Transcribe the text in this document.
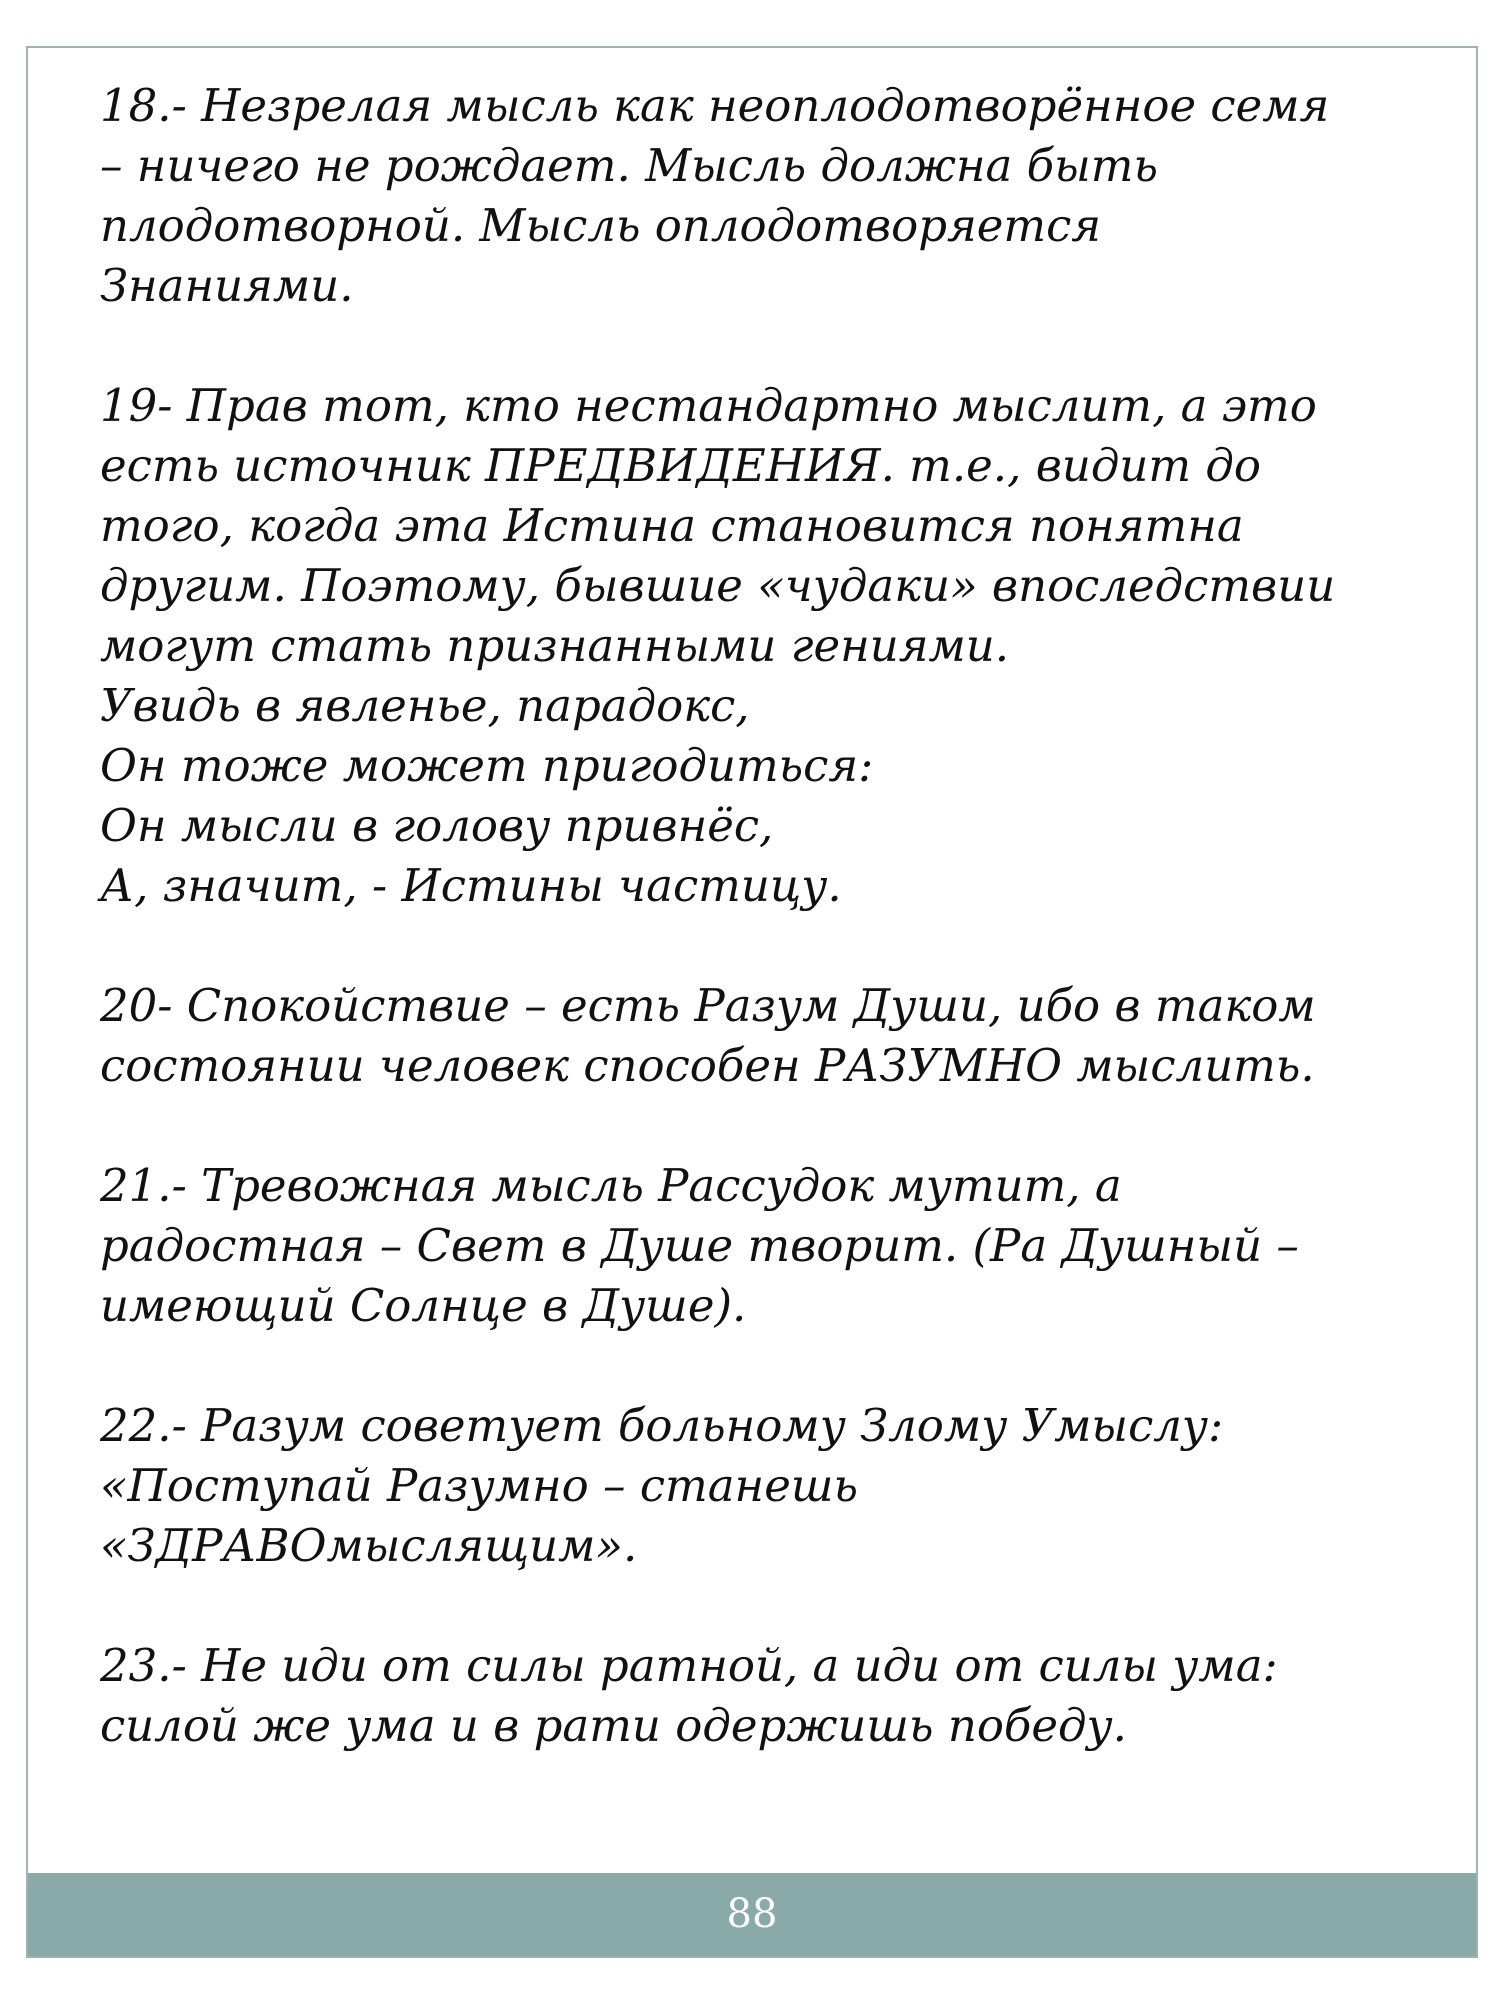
18.- Незрелая мысль как неоплодотворённое семя
– ничего не рождает. Мысль должна быть
плодотворной. Мысль оплодотворяется
Знаниями.

19- Прав тот, кто нестандартно мыслит, а это
есть источник ПРЕДВИДЕНИЯ. т.е., видит до
того, когда эта Истина становится понятна
другим. Поэтому, бывшие «чудаки» впоследствии
могут стать признанными гениями.
Увидь в явленье, парадокс,
Он тоже может пригодиться:
Он мысли в голову привнёс,
А, значит, - Истины частицу.

20- Спокойствие – есть Разум Души, ибо в таком
состоянии человек способен РАЗУМНО мыслить.

21.- Тревожная мысль Рассудок мутит, а
радостная – Свет в Душе творит. (Ра Душный –
имеющий Солнце в Душе).

22.- Разум советует больному Злому Умыслу:
«Поступай Разумно – станешь
«ЗДРАВОмыслящим».

23.- Не иди от силы ратной, а иди от силы ума:
силой же ума и в рати одержишь победу.

88
